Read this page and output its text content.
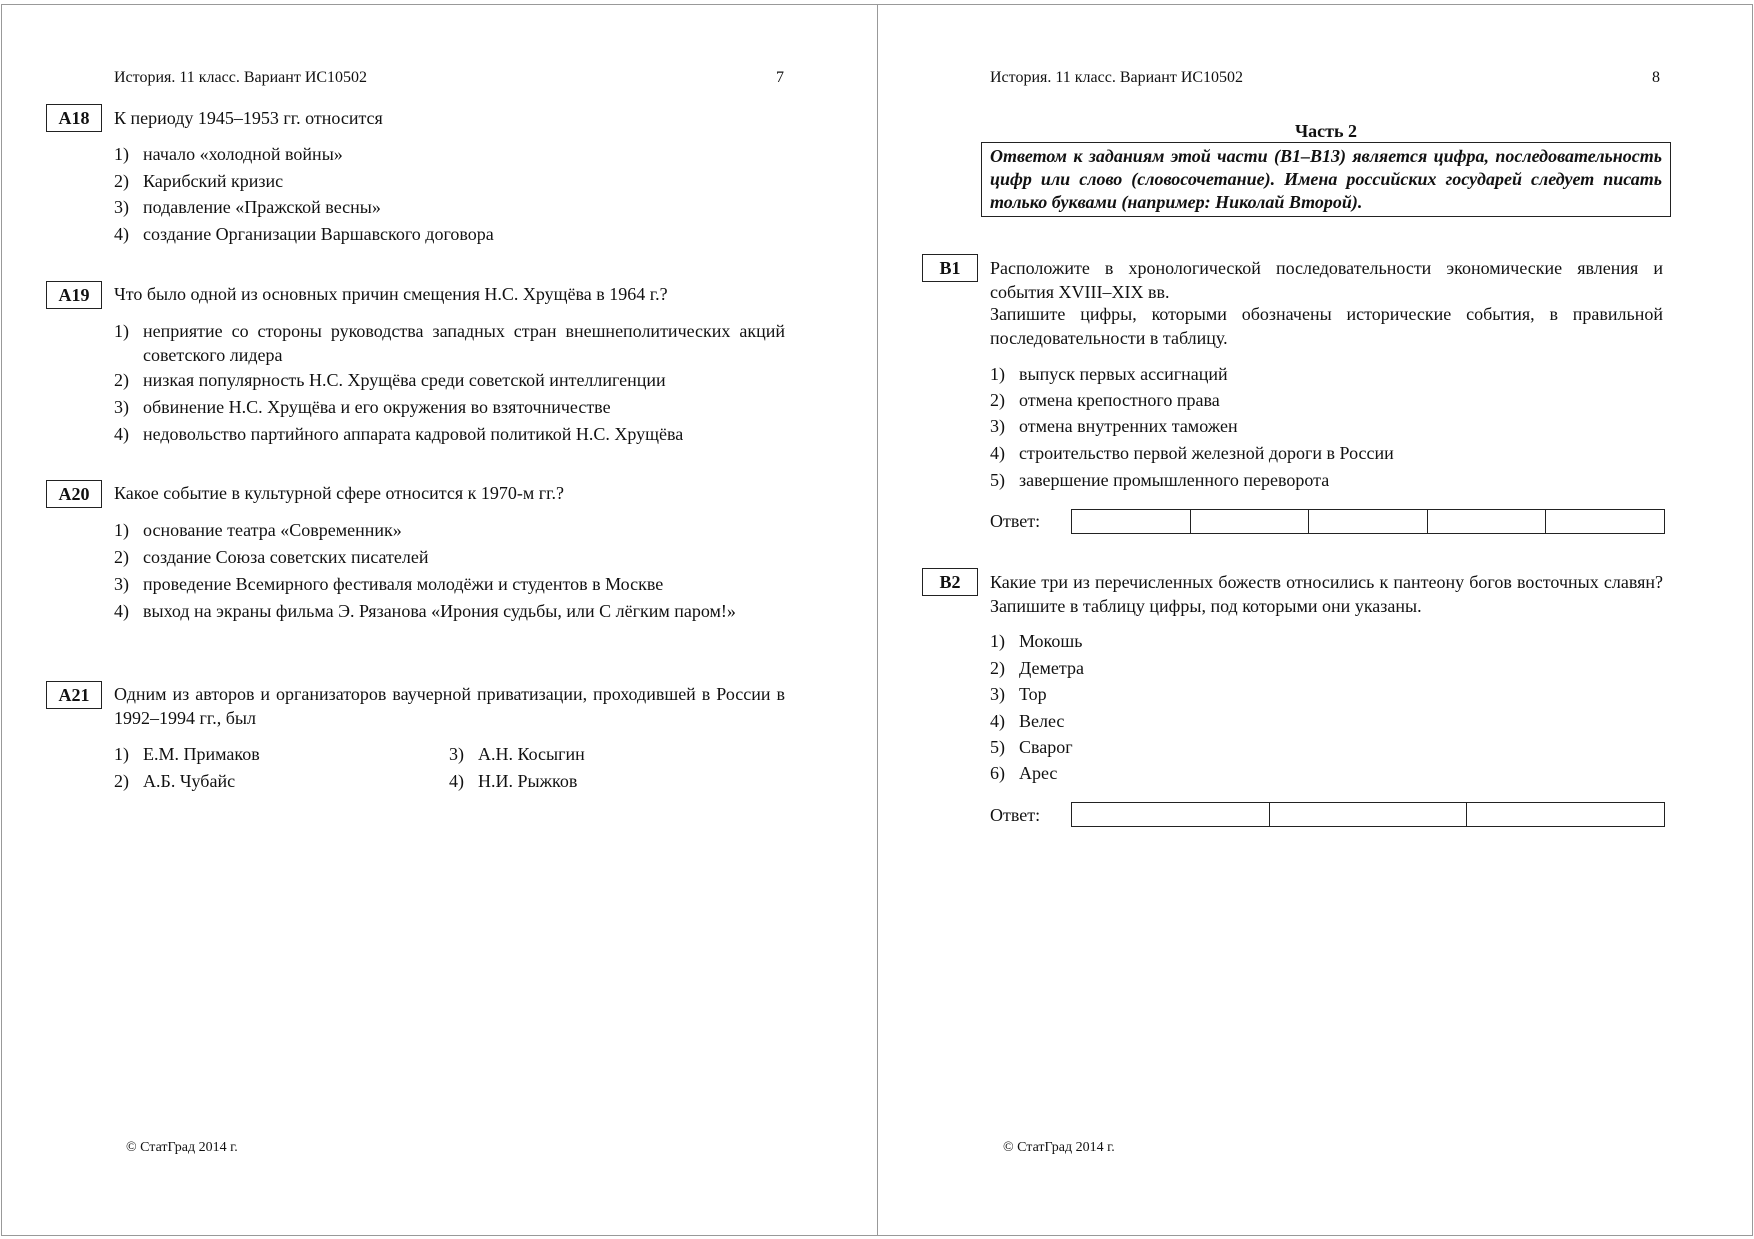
История. 11 класс. Вариант ИС10502	7
A18	К периоду 1945–1953 гг. относится
A19	Что было одной из основных причин смещения Н.С. Хрущёва в 1964 г.?
A20	Какое событие в культурной сфере относится к 1970-м гг.?
A21	Одним из авторов и организаторов ваучерной приватизации, проходившей в России в 1992–1994 гг., был
© СтатГрад 2014 г.
История. 11 класс. Вариант ИС10502	8
Часть 2
Ответом к заданиям этой части (В1–В13) является цифра, последовательность цифр или слово (словосочетание). Имена российских государей следует писать только буквами (например: Николай Второй).
B1	Расположите в хронологической последовательности экономические явления и события XVIII–XIX вв.
Запишите цифры, которыми обозначены исторические события, в правильной последовательности в таблицу.
Ответ:
B2	Какие три из перечисленных божеств относились к пантеону богов восточных славян? Запишите в таблицу цифры, под которыми они указаны.
Ответ:
© СтатГрад 2014 г.
1) начало «холодной войны»
2) Карибский кризис
3) подавление «Пражской весны»
4) создание Организации Варшавского договора
1) неприятие со стороны руководства западных стран внешнеполитических акций советского лидера
2) низкая популярность Н.С. Хрущёва среди советской интеллигенции
3) обвинение Н.С. Хрущёва и его окружения во взяточничестве
4) недовольство партийного аппарата кадровой политикой Н.С. Хрущёва
1) основание театра «Современник»
2) создание Союза советских писателей
3) проведение Всемирного фестиваля молодёжи и студентов в Москве
4) выход на экраны фильма Э. Рязанова «Ирония судьбы, или С лёгким паром!»
1) Е.М. Примаков
2) А.Б. Чубайс
3) А.Н. Косыгин
4) Н.И. Рыжков
1) выпуск первых ассигнаций
2) отмена крепостного права
3) отмена внутренних таможен
4) строительство первой железной дороги в России
5) завершение промышленного переворота
1) Мокошь
2) Деметра
3) Тор
4) Велес
5) Сварог
6) Арес
